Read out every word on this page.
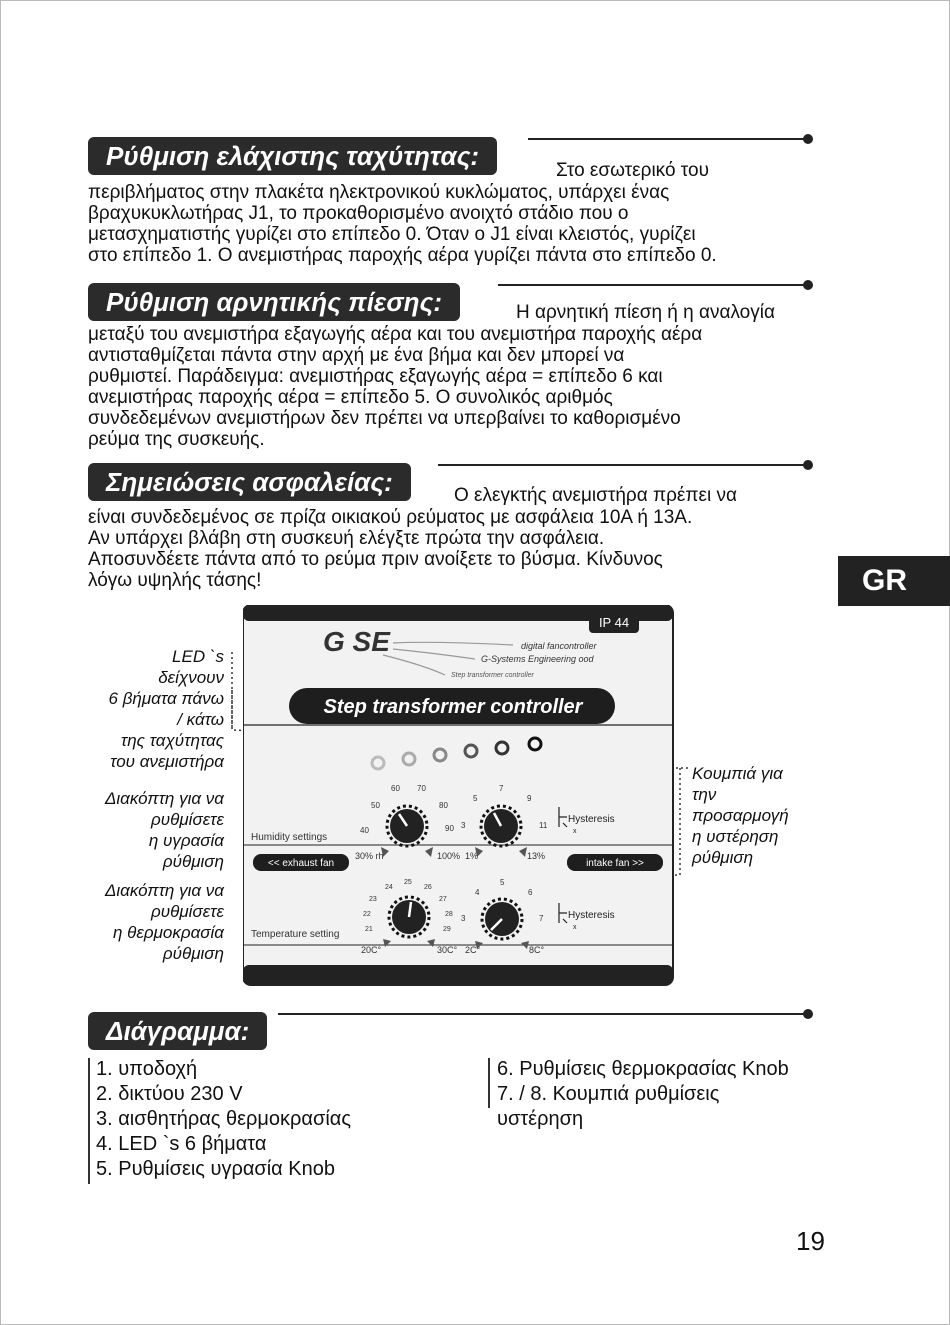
Ρύθμιση ελάχιστης ταχύτητας:	Στο εσωτερικό του
περιβλήματος στην πλακέτα ηλεκτρονικού κυκλώματος, υπάρχει ένας
βραχυκυκλωτήρας J1, το προκαθορισμένο ανοιχτό στάδιο που ο
μετασχηματιστής γυρίζει στο επίπεδο 0. Όταν ο J1 είναι κλειστός, γυρίζει
στο επίπεδο 1. Ο ανεμιστήρας παροχής αέρα γυρίζει πάντα στο επίπεδο 0.
Ρύθμιση αρνητικής πίεσης:	Η αρνητική πίεση ή η αναλογία
μεταξύ του ανεμιστήρα εξαγωγής αέρα και του ανεμιστήρα παροχής αέρα
αντισταθμίζεται πάντα στην αρχή με ένα βήμα και δεν μπορεί να
ρυθμιστεί. Παράδειγμα: ανεμιστήρας εξαγωγής αέρα = επίπεδο 6 και
ανεμιστήρας παροχής αέρα = επίπεδο 5. Ο συνολικός αριθμός
συνδεδεμένων ανεμιστήρων δεν πρέπει να υπερβαίνει το καθορισμένο
ρεύμα της συσκευής.
Σημειώσεις ασφαλείας:	Ο ελεγκτής ανεμιστήρα πρέπει να
είναι συνδεδεμένος σε πρίζα οικιακού ρεύματος με ασφάλεια 10A ή 13A.
Αν υπάρχει βλάβη στη συσκευή ελέγξτε πρώτα την ασφάλεια.
Αποσυνδέετε πάντα από το ρεύμα πριν ανοίξετε το βύσμα. Κίνδυνος
λόγω υψηλής τάσης!	GR
LED `s
δείχνουν
6 βήματα πάνω
/ κάτω
της ταχύτητας
του ανεμιστήρα
Διακόπτη για να
ρυθμίσετε
η υγρασία
ρύθμιση
Διακόπτη για να
ρυθμίσετε
η θερμοκρασία
ρύθμιση
Κουμπιά για
την
προσαρμογή
η υστέρηση
ρύθμιση
IP 44
G SE	digital fancontroller
G-Systems Engineering ood
Step transformer controller
Step transformer controller
Humidity settings
<< exhaust fan	intake fan >>
40
50
60 70
80
90
30% rh	100%
3
5
7
9
11
1%	13%
Hysteresis
x
Temperature setting	21
22
23
24
25
26
27
28
29
20C°	30C°
3
4
5
6
7
2C°	8C°
Hysteresis
x
Διάγραμμα:
1. υποδοχή
2. δικτύου 230 V
3. αισθητήρας θερμοκρασίας
4. LED `s 6 βήματα
5. Ρυθμίσεις υγρασία Knob
6. Ρυθμίσεις θερμοκρασίας Knob
7. / 8. Κουμπιά ρυθμίσεις
υστέρηση
19
